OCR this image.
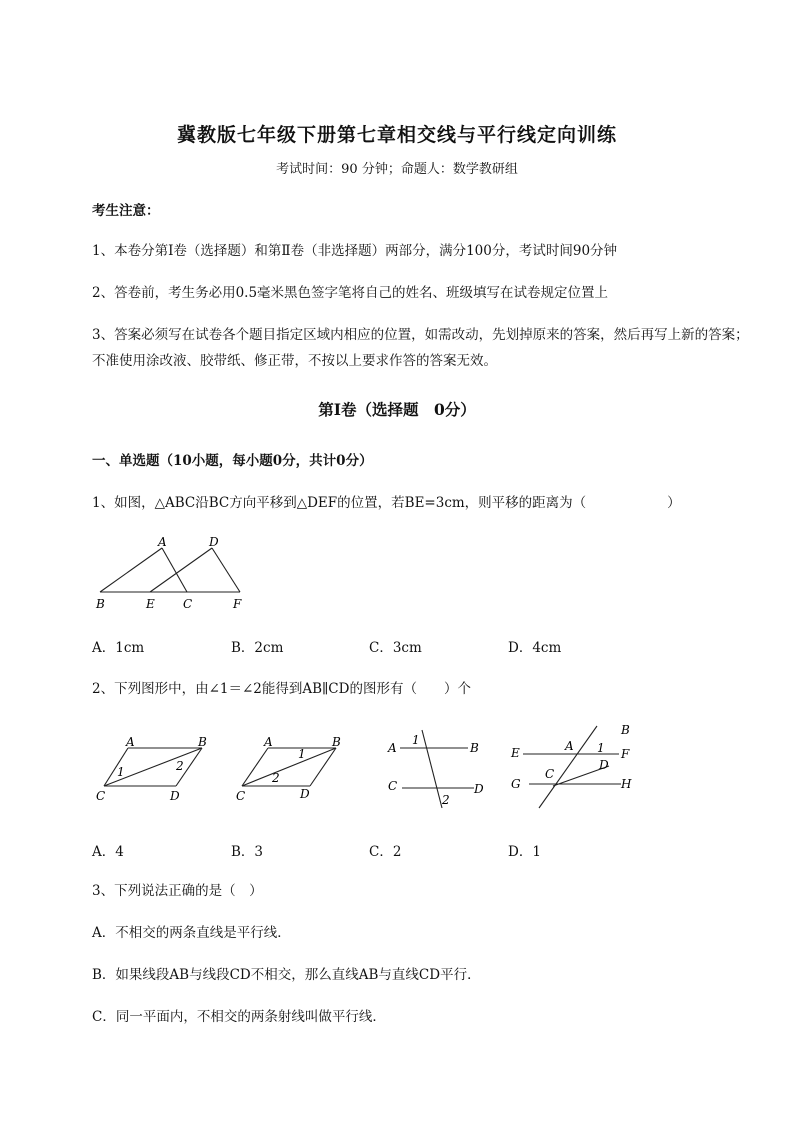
冀教版七年级下册第七章相交线与平行线定向训练
考试时间：90 分钟；命题人：数学教研组
考生注意：
1、本卷分第I卷（选择题）和第Ⅱ卷（非选择题）两部分，满分100分，考试时间90分钟
2、答卷前，考生务必用0.5毫米黑色签字笔将自己的姓名、班级填写在试卷规定位置上
3、答案必须写在试卷各个题目指定区域内相应的位置，如需改动，先划掉原来的答案，然后再写上新的答案；不准使用涂改液、胶带纸、修正带，不按以上要求作答的答案无效。
第I卷（选择题　0分）
一、单选题（10小题，每小题0分，共计0分）
1、如图，△ABC沿BC方向平移到△DEF的位置，若BE=3cm，则平移的距离为（　　　　　　）
A	D
B	E C	F
A．1cm	B．2cm	C．3cm	D．4cm
2、下列图形中，由∠1＝∠2能得到AB∥CD的图形有（　　）个
A	B
C	D
1	2
A	B
C	D
1
2
A	B
C	D
1
2
B
E	A 1 F
D
C
G	H
A．4	B．3	C．2	D．1
3、下列说法正确的是（　）
A．不相交的两条直线是平行线．
B．如果线段AB与线段CD不相交，那么直线AB与直线CD平行．
C．同一平面内，不相交的两条射线叫做平行线．
